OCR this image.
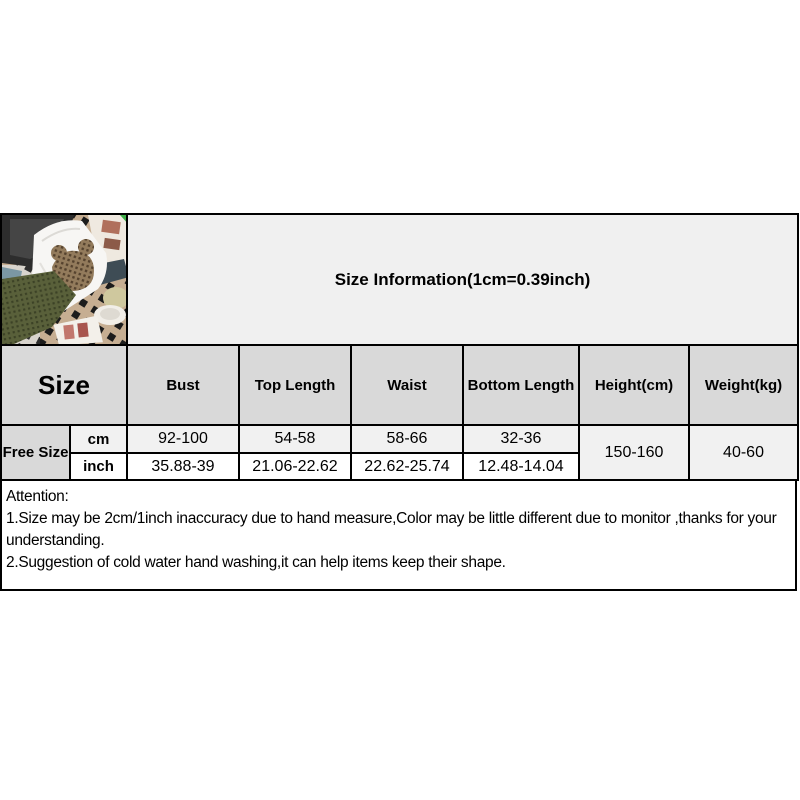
	Size Information(1cm=0.39inch)					
Size		Bust	Top Length	Waist	Bottom Length	Height(cm)	Weight(kg)
Free Size	cm	92-100	54-58	58-66	32-36	150-160	40-60
	inch	35.88-39	21.06-22.62	22.62-25.74	12.48-14.04		
Attention:
1.Size may be 2cm/1inch inaccuracy due to hand measure,Color may be little different due to monitor ,thanks for your understanding.
2.Suggestion of cold water hand washing,it can help items keep their shape.
